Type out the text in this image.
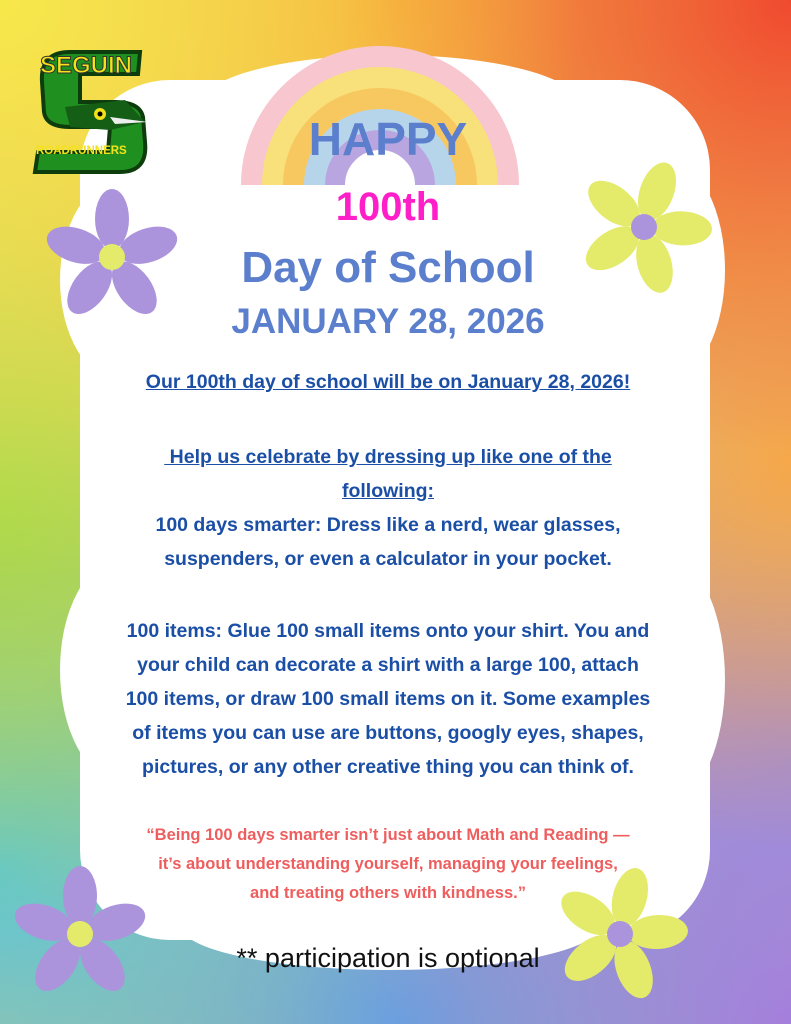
SEGUIN
ROADRUNNERS	HAPPY
100th
Day of School
JANUARY 28, 2026
Our 100th day of school will be on January 28, 2026!
Help us celebrate by dressing up like one of the
following:
100 days smarter: Dress like a nerd, wear glasses,
suspenders, or even a calculator in your pocket.
100 items: Glue 100 small items onto your shirt. You and
your child can decorate a shirt with a large 100, attach
100 items, or draw 100 small items on it. Some examples
of items you can use are buttons, googly eyes, shapes,
pictures, or any other creative thing you can think of.
“Being 100 days smarter isn’t just about Math and Reading —
it’s about understanding yourself, managing your feelings,
and treating others with kindness.”
** participation is optional
